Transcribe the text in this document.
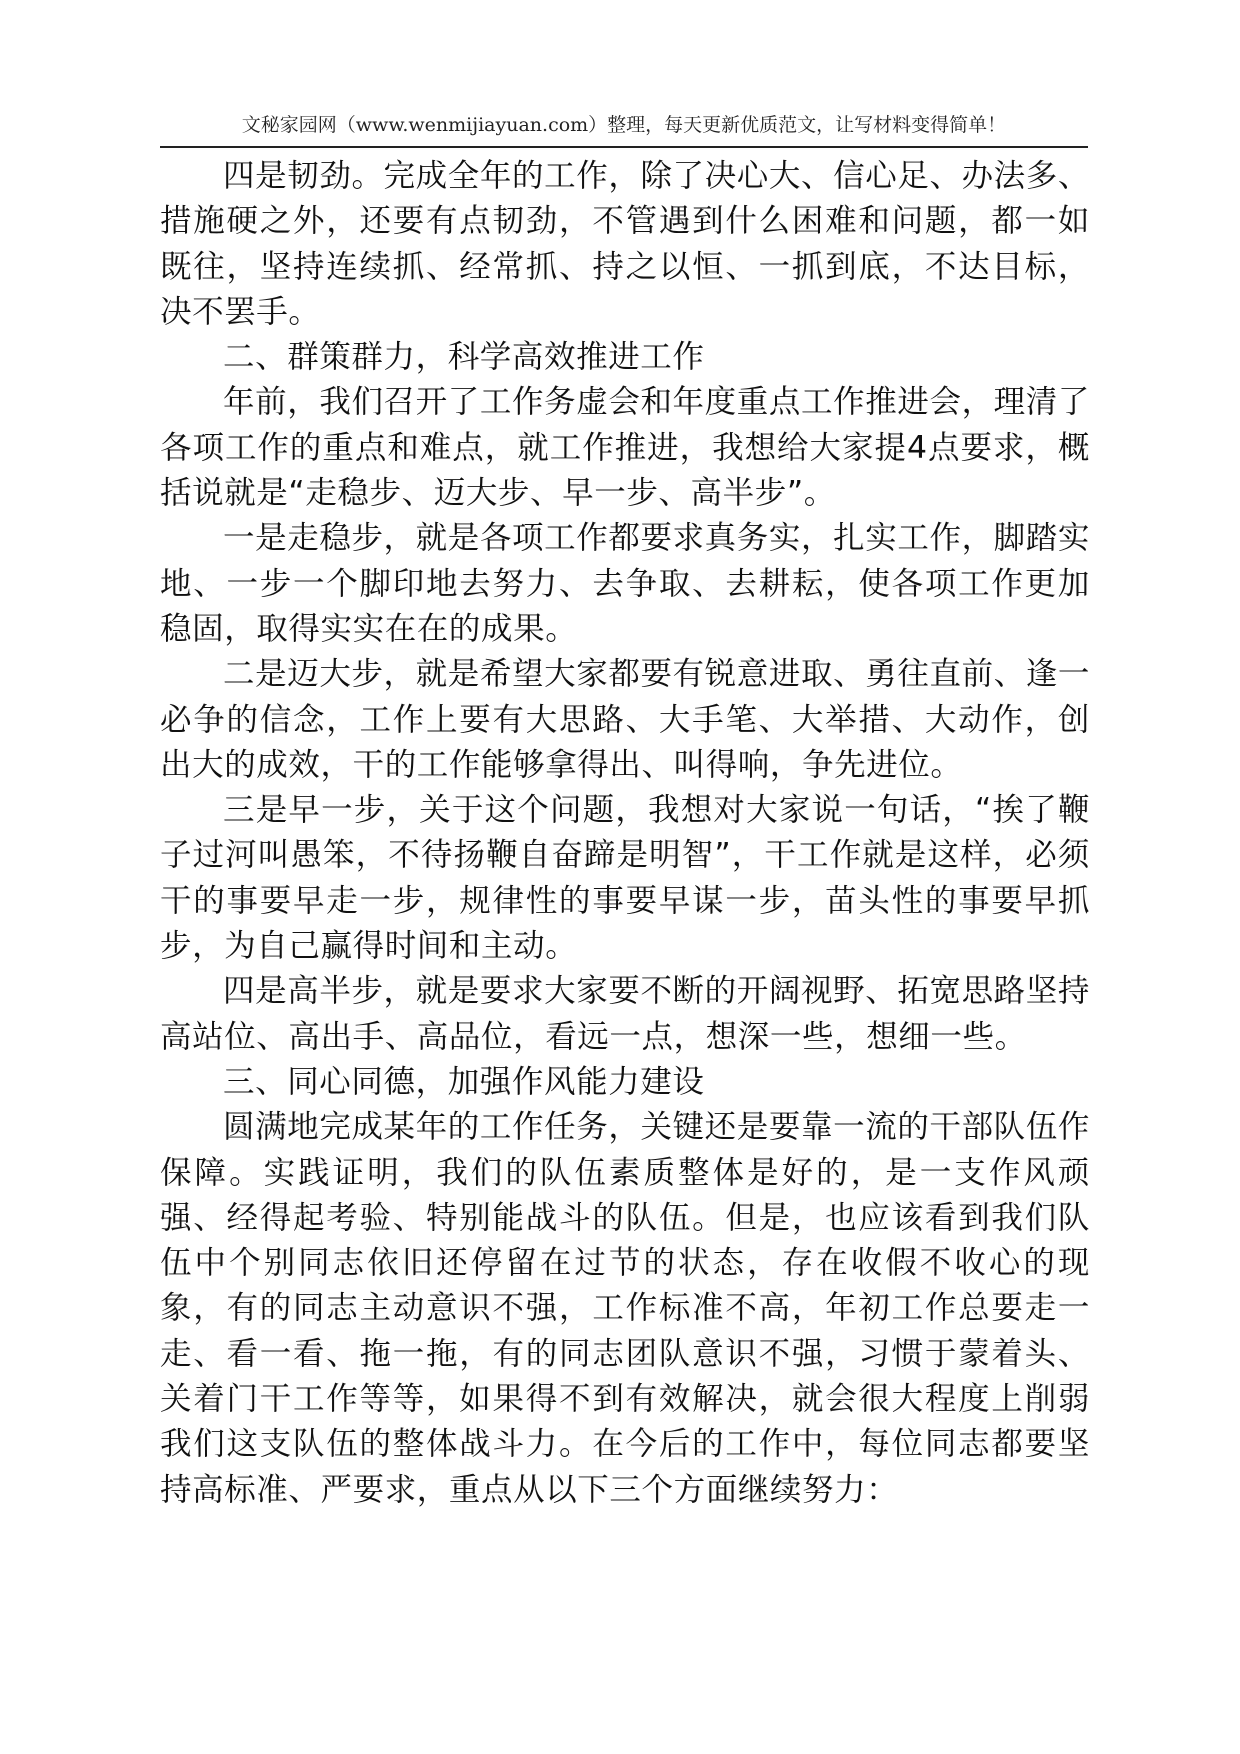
文秘家园网（www.wenmijiayuan.com）整理，每天更新优质范文，让写材料变得简单！

四是韧劲。完成全年的工作，除了决心大、信心足、办法多、措施硬之外，还要有点韧劲，不管遇到什么困难和问题，都一如既往，坚持连续抓、经常抓、持之以恒、一抓到底，不达目标，决不罢手。

二、群策群力，科学高效推进工作

年前，我们召开了工作务虚会和年度重点工作推进会，理清了各项工作的重点和难点，就工作推进，我想给大家提4点要求，概括说就是“走稳步、迈大步、早一步、高半步”。

一是走稳步，就是各项工作都要求真务实，扎实工作，脚踏实地、一步一个脚印地去努力、去争取、去耕耘，使各项工作更加稳固，取得实实在在的成果。

二是迈大步，就是希望大家都要有锐意进取、勇往直前、逢一必争的信念，工作上要有大思路、大手笔、大举措、大动作，创出大的成效，干的工作能够拿得出、叫得响，争先进位。

三是早一步，关于这个问题，我想对大家说一句话，“挨了鞭子过河叫愚笨，不待扬鞭自奋蹄是明智”，干工作就是这样，必须干的事要早走一步，规律性的事要早谋一步，苗头性的事要早抓步，为自己赢得时间和主动。

四是高半步，就是要求大家要不断的开阔视野、拓宽思路坚持高站位、高出手、高品位，看远一点，想深一些，想细一些。

三、同心同德，加强作风能力建设

圆满地完成某年的工作任务，关键还是要靠一流的干部队伍作保障。实践证明，我们的队伍素质整体是好的，是一支作风顽强、经得起考验、特别能战斗的队伍。但是，也应该看到我们队伍中个别同志依旧还停留在过节的状态，存在收假不收心的现象，有的同志主动意识不强，工作标准不高，年初工作总要走一走、看一看、拖一拖，有的同志团队意识不强，习惯于蒙着头、关着门干工作等等，如果得不到有效解决，就会很大程度上削弱我们这支队伍的整体战斗力。在今后的工作中，每位同志都要坚持高标准、严要求，重点从以下三个方面继续努力：
